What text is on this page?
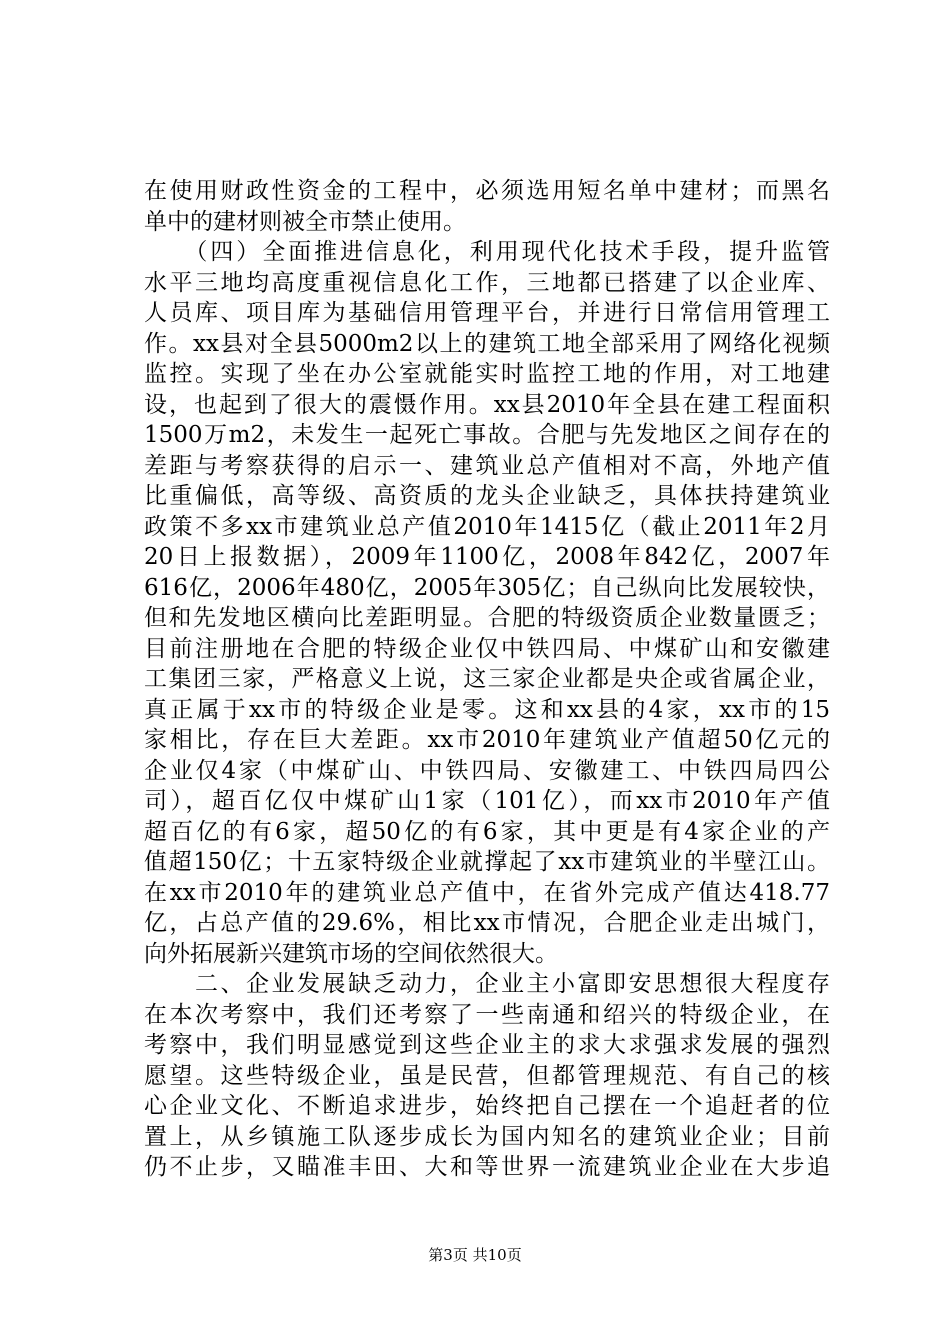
在使用财政性资金的工程中，必须选用短名单中建材；而黑名
单中的建材则被全市禁止使用。
　　（四）全面推进信息化，利用现代化技术手段，提升监管
水平三地均高度重视信息化工作，三地都已搭建了以企业库、
人员库、项目库为基础信用管理平台，并进行日常信用管理工
作。xx县对全县5000m2以上的建筑工地全部采用了网络化视频
监控。实现了坐在办公室就能实时监控工地的作用，对工地建
设，也起到了很大的震慑作用。xx县2010年全县在建工程面积
1500万m2，未发生一起死亡事故。合肥与先发地区之间存在的
差距与考察获得的启示一、建筑业总产值相对不高，外地产值
比重偏低，高等级、高资质的龙头企业缺乏，具体扶持建筑业
政策不多xx市建筑业总产值2010年1415亿（截止2011年2月
20日上报数据），2009年1100亿，2008年842亿，2007年
616亿，2006年480亿，2005年305亿；自己纵向比发展较快，
但和先发地区横向比差距明显。合肥的特级资质企业数量匮乏；
目前注册地在合肥的特级企业仅中铁四局、中煤矿山和安徽建
工集团三家，严格意义上说，这三家企业都是央企或省属企业，
真正属于xx市的特级企业是零。这和xx县的4家，xx市的15
家相比，存在巨大差距。xx市2010年建筑业产值超50亿元的
企业仅4家（中煤矿山、中铁四局、安徽建工、中铁四局四公
司），超百亿仅中煤矿山1家（101亿），而xx市2010年产值
超百亿的有6家，超50亿的有6家，其中更是有4家企业的产
值超150亿；十五家特级企业就撑起了xx市建筑业的半壁江山。
在xx市2010年的建筑业总产值中，在省外完成产值达418.77
亿，占总产值的29.6%，相比xx市情况，合肥企业走出城门，
向外拓展新兴建筑市场的空间依然很大。
　　二、企业发展缺乏动力，企业主小富即安思想很大程度存
在本次考察中，我们还考察了一些南通和绍兴的特级企业，在
考察中，我们明显感觉到这些企业主的求大求强求发展的强烈
愿望。这些特级企业，虽是民营，但都管理规范、有自己的核
心企业文化、不断追求进步，始终把自己摆在一个追赶者的位
置上，从乡镇施工队逐步成长为国内知名的建筑业企业；目前
仍不止步，又瞄准丰田、大和等世界一流建筑业企业在大步追
第3页 共10页
